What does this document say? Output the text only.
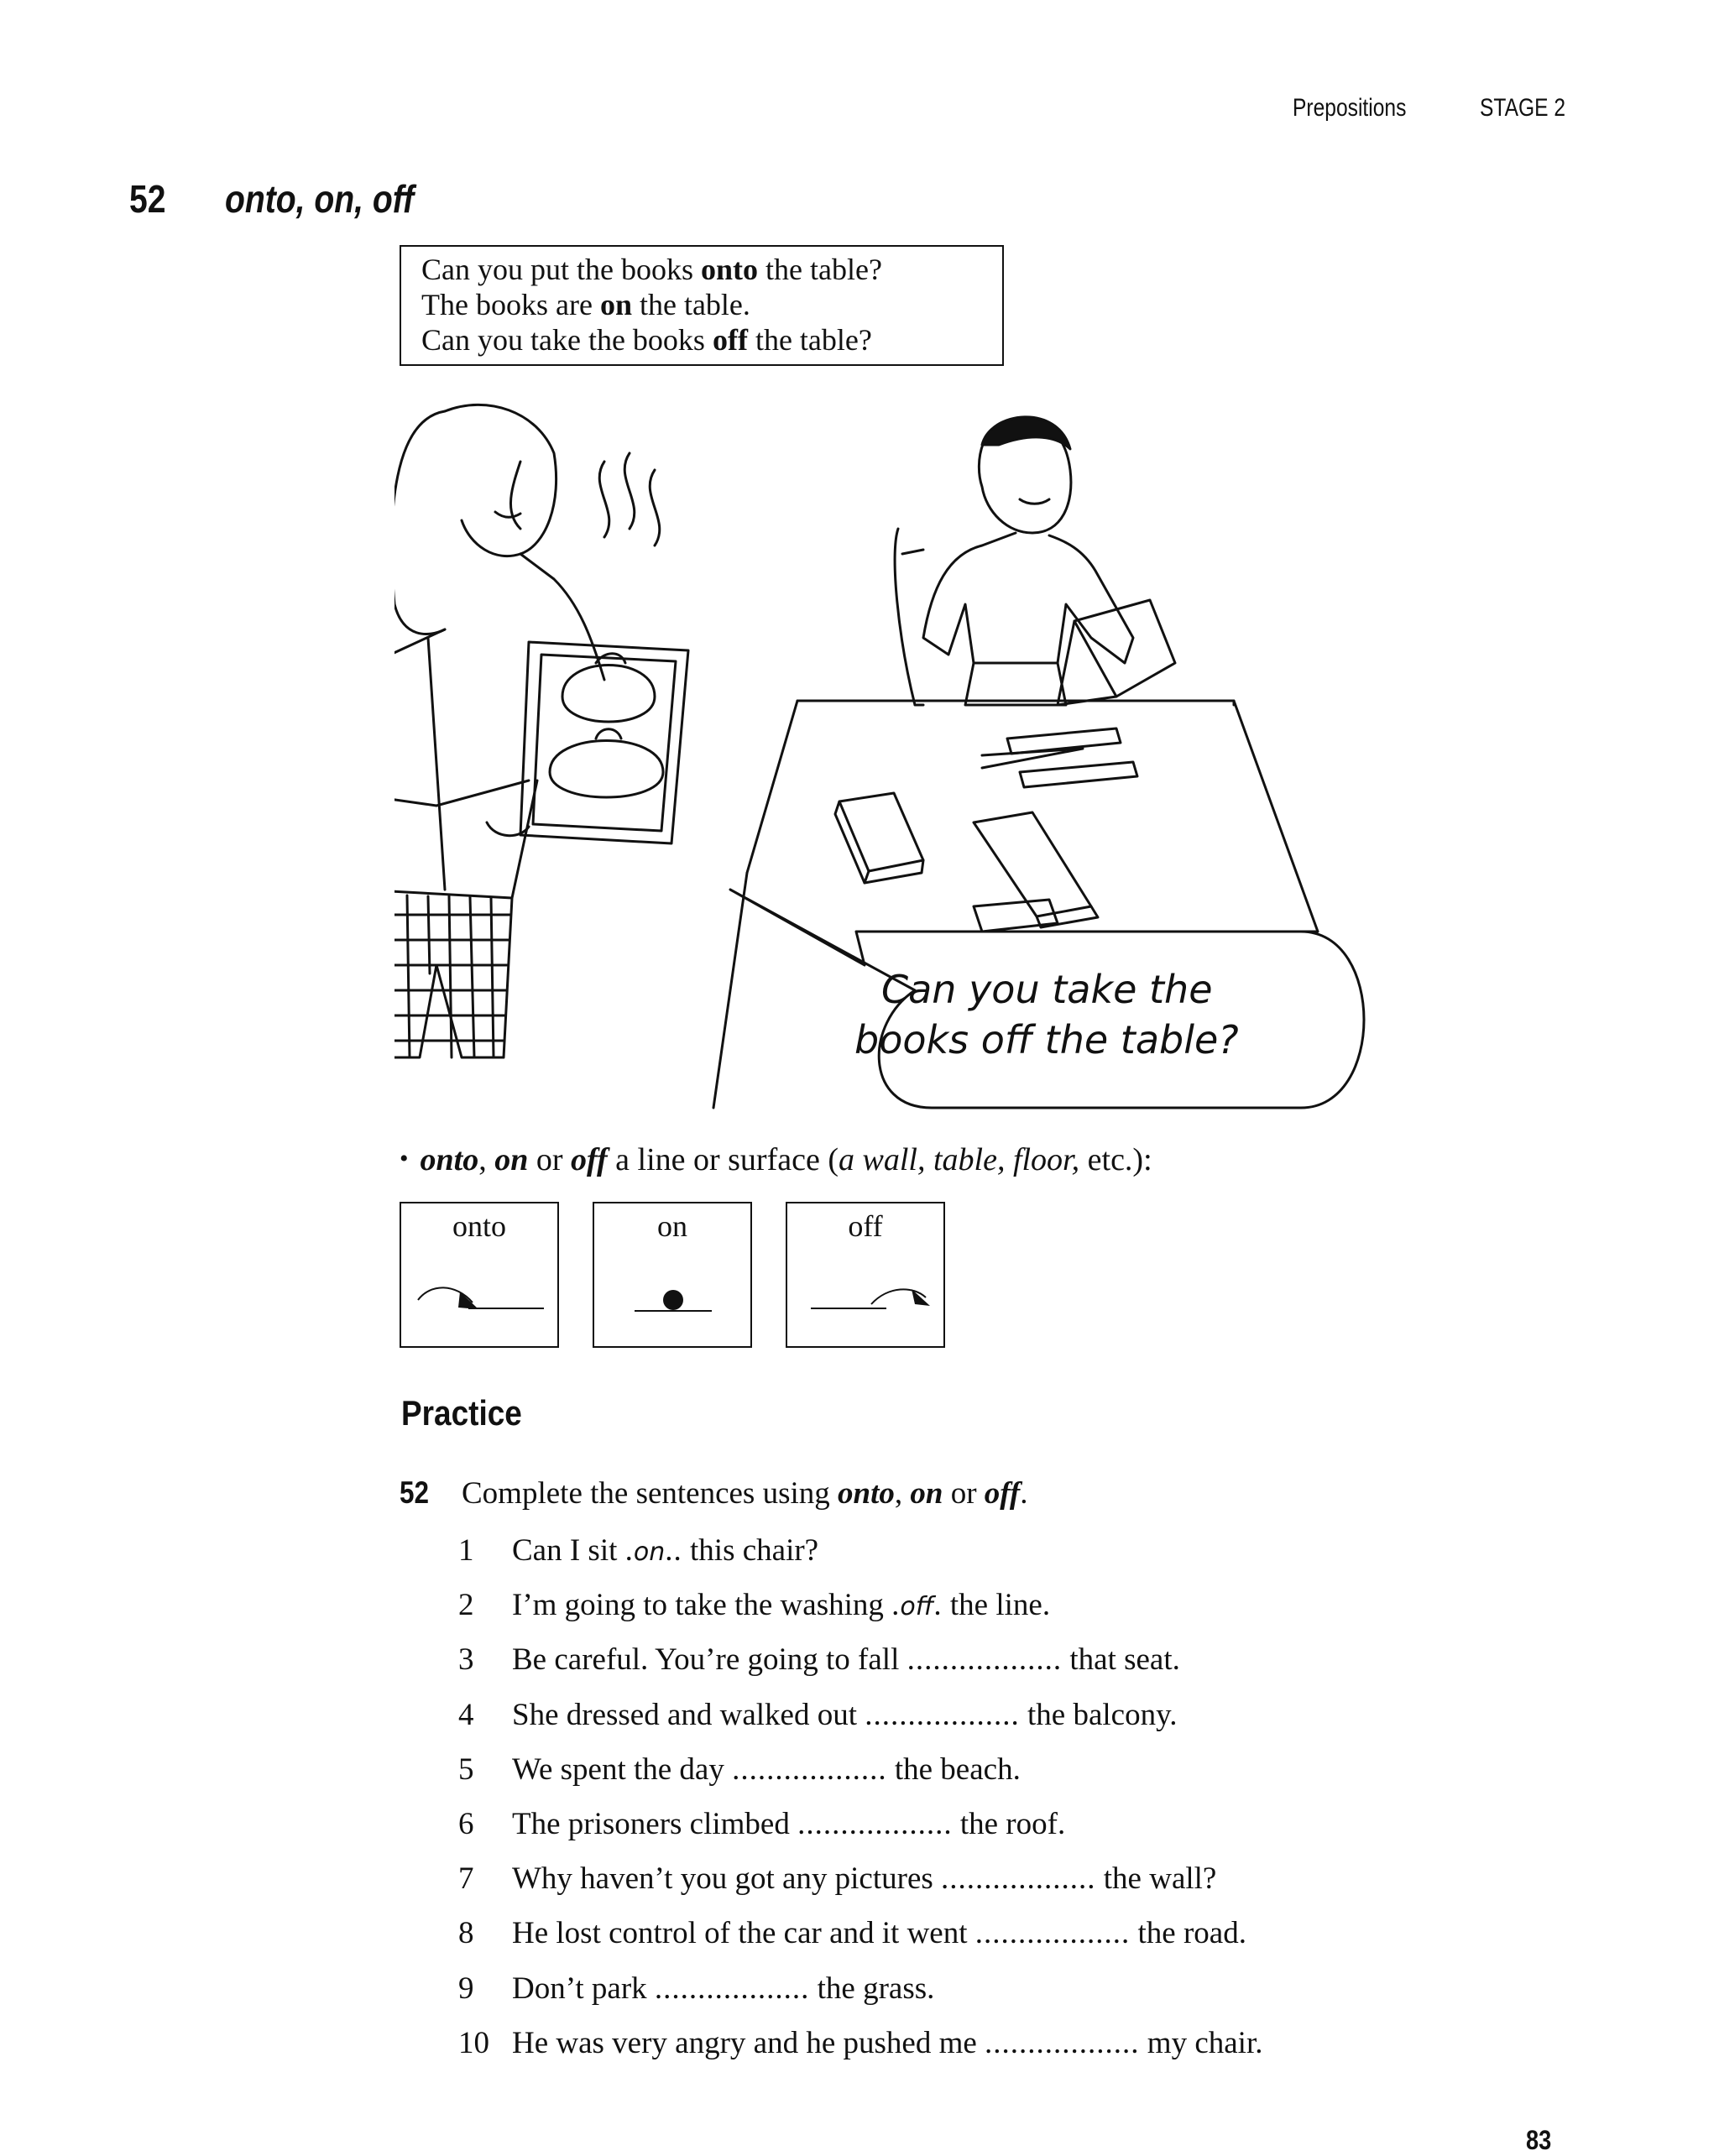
Prepositions	STAGE 2
52 onto, on, off
Can you put the books onto the table?
The books are on the table.
Can you take the books off the table?
Can you take the
books off the table?
• onto, on or off a line or surface (a wall, table, floor, etc.):
onto	on	off
Practice
52 Complete the sentences using onto, on or off.
1 Can I sit .on.. this chair?
2 I’m going to take the washing .off. the line.
3 Be careful. You’re going to fall .................. that seat.
4 She dressed and walked out .................. the balcony.
5 We spent the day .................. the beach.
6 The prisoners climbed .................. the roof.
7 Why haven’t you got any pictures .................. the wall?
8 He lost control of the car and it went .................. the road.
9 Don’t park .................. the grass.
10 He was very angry and he pushed me .................. my chair.
83
